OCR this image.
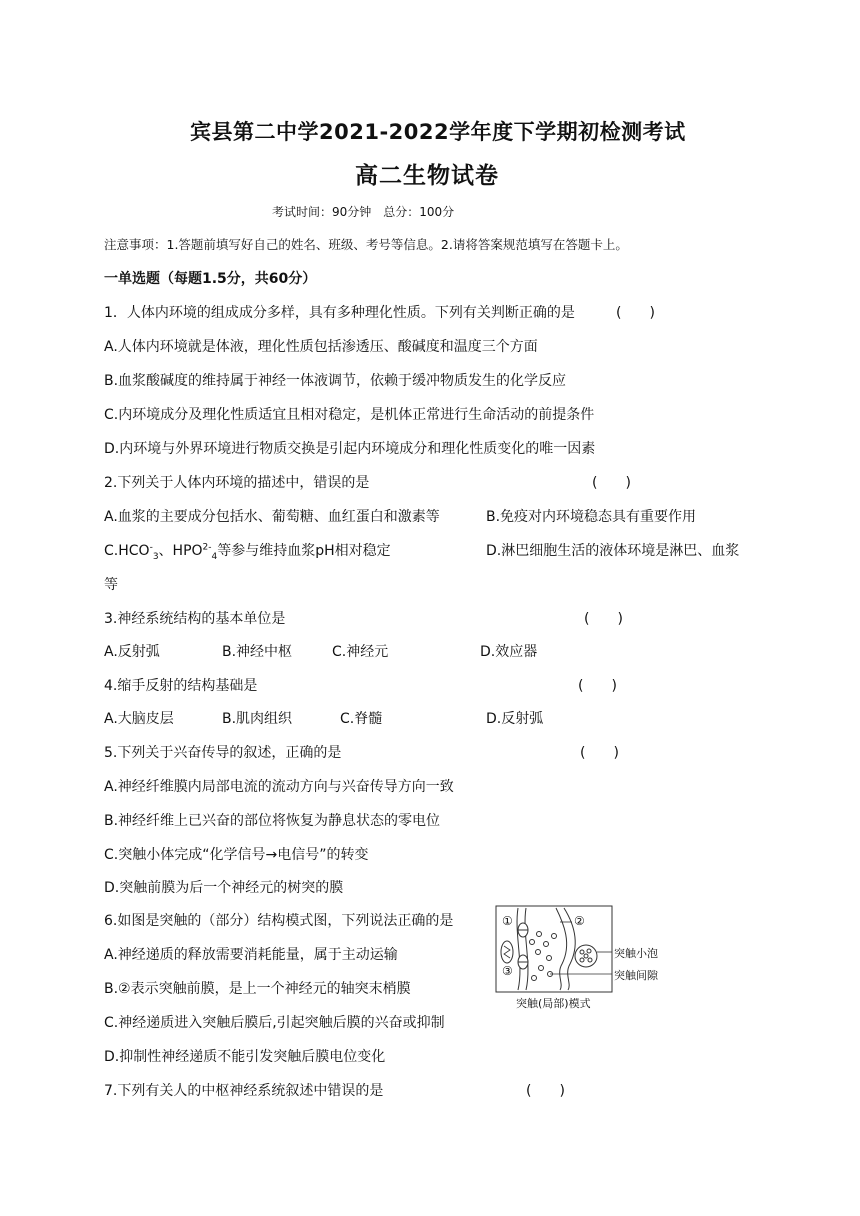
宾县第二中学2021-2022学年度下学期初检测考试
高二生物试卷
考试时间：90分钟　总分：100分
注意事项：1.答题前填写好自己的姓名、班级、考号等信息。2.请将答案规范填写在答题卡上。
一单选题（每题1.5分，共60分）
1．人体内环境的组成成分多样，具有多种理化性质。下列有关判断正确的是	(　　)
A.人体内环境就是体液，理化性质包括渗透压、酸碱度和温度三个方面
B.血浆酸碱度的维持属于神经一体液调节，依赖于缓冲物质发生的化学反应
C.内环境成分及理化性质适宜且相对稳定，是机体正常进行生命活动的前提条件
D.内环境与外界环境进行物质交换是引起内环境成分和理化性质变化的唯一因素
2.下列关于人体内环境的描述中，错误的是	(　　)
A.血浆的主要成分包括水、葡萄糖、血红蛋白和激素等	B.免疫对内环境稳态具有重要作用
$C.HCO^-_3$、$HPO^{2-}_4$等参与维持血浆pH相对稳定	D.淋巴细胞生活的液体环境是淋巴、血浆
等
3.神经系统结构的基本单位是	(　　)
A.反射弧	B.神经中枢	C.神经元	D.效应器
4.缩手反射的结构基础是	(　　)
A.大脑皮层	B.肌肉组织	C.脊髓	D.反射弧
5.下列关于兴奋传导的叙述，正确的是	(　　)
A.神经纤维膜内局部电流的流动方向与兴奋传导方向一致
B.神经纤维上已兴奋的部位将恢复为静息状态的零电位
C.突触小体完成“化学信号→电信号”的转变
D.突触前膜为后一个神经元的树突的膜
6.如图是突触的（部分）结构模式图，下列说法正确的是
A.神经递质的释放需要消耗能量，属于主动运输
B.②表示突触前膜，是上一个神经元的轴突末梢膜
C.神经递质进入突触后膜后,引起突触后膜的兴奋或抑制
D.抑制性神经递质不能引发突触后膜电位变化
①	②
③
突触小泡
突触间隙
突触(局部)模式
7.下列有关人的中枢神经系统叙述中错误的是	(　　)
